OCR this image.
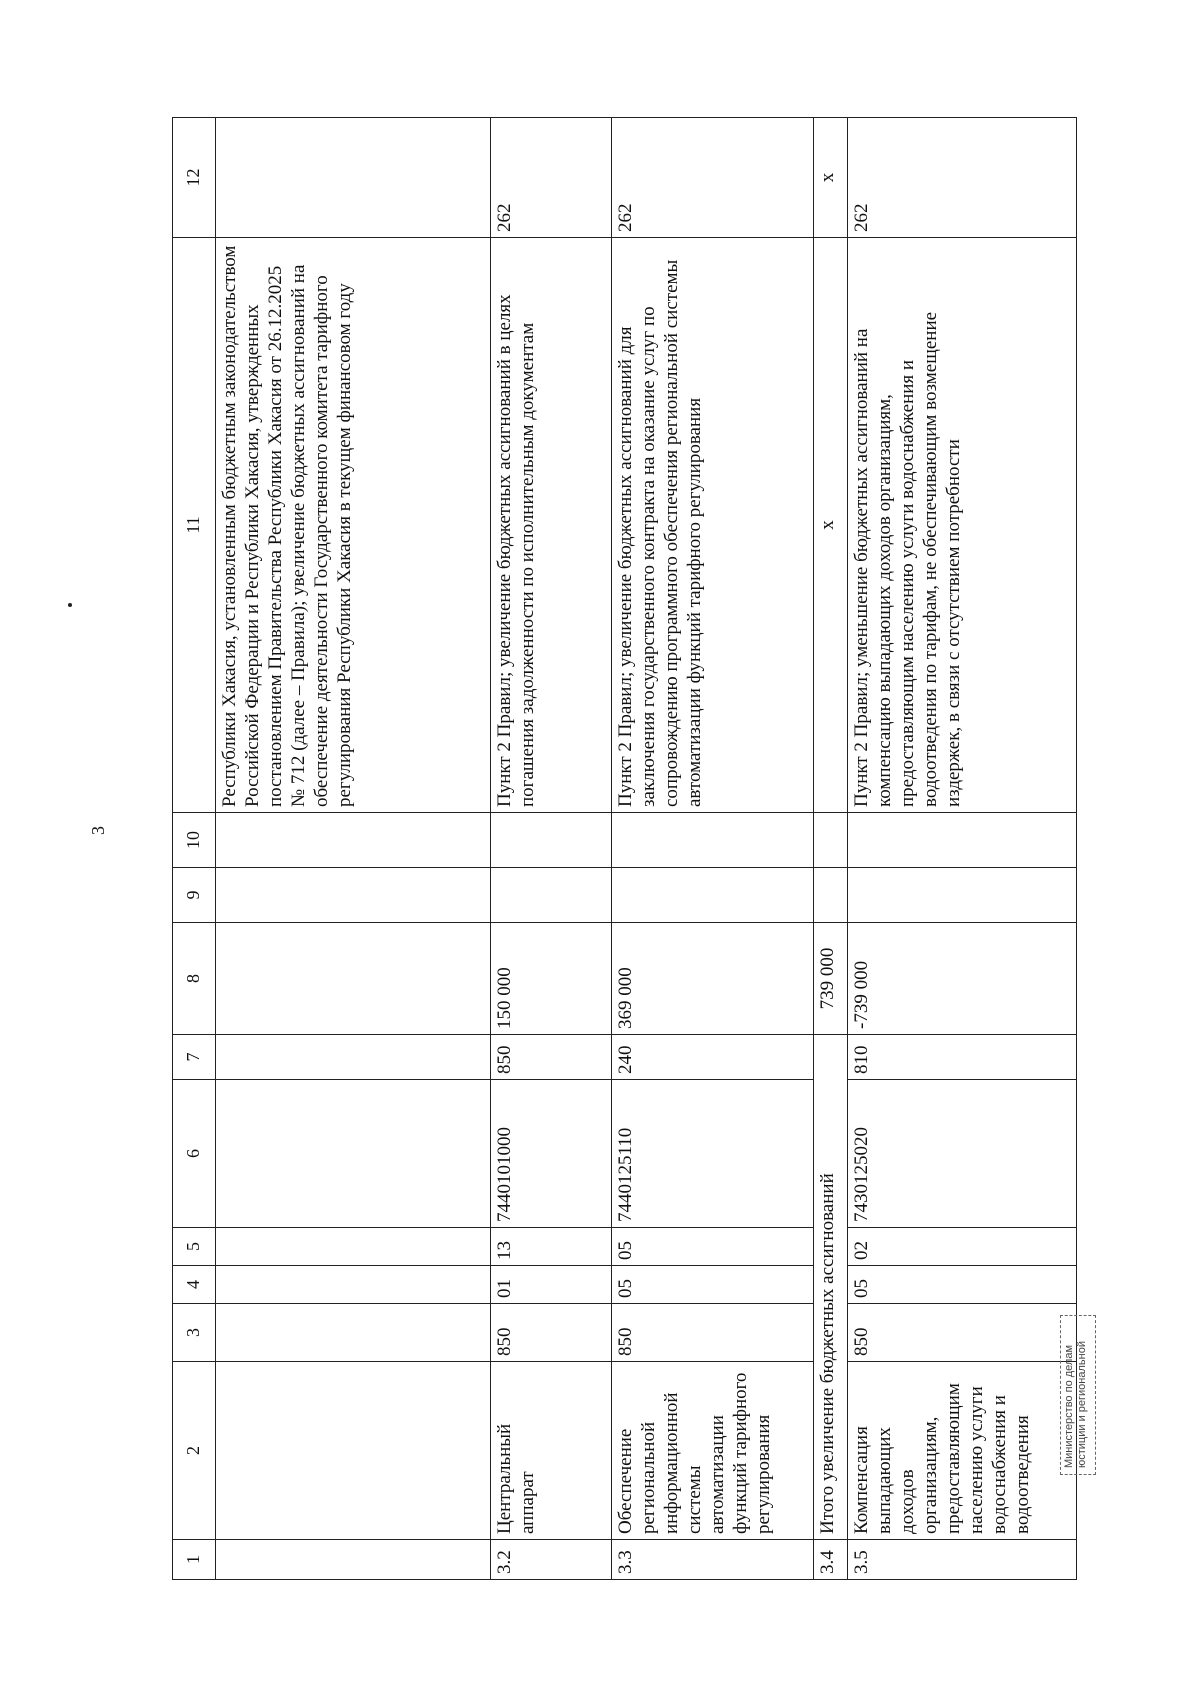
3
1	2	3	4	5	6	7	8	9	10	11	12
										Республики Хакасия, установленным бюджетным законодательством Российской Федерации и Республики Хакасия, утвержденных постановлением Правительства Республики Хакасия от 26.12.2025 № 712 (далее – Правила); увеличение бюджетных ассигнований на обеспечение деятельности Государственного комитета тарифного регулирования Республики Хакасия в текущем финансовом году	
3.2	Центральный аппарат	850	01	13	7440101000	850	150 000			Пункт 2 Правил; увеличение бюджетных ассигнований в целях погашения задолженности по исполнительным документам	262
3.3	Обеспечение региональной информационной системы автоматизации функций тарифного регулирования	850	05	05	7440125110	240	369 000			Пункт 2 Правил; увеличение бюджетных ассигнований для заключения государственного контракта на оказание услуг по сопровождению программного обеспечения региональной системы автоматизации функций тарифного регулирования	262
3.4	Итого увеличение бюджетных ассигнований						739 000			х	х
3.5	Компенсация выпадающих доходов организациям, предоставляющим населению услуги водоснабжения и водоотведения	850	05	02	7430125020	810	-739 000			Пункт 2 Правил; уменьшение бюджетных ассигнований на компенсацию выпадающих доходов организациям, предоставляющим населению услуги водоснабжения и водоотведения по тарифам, не обеспечивающим возмещение издержек, в связи с отсутствием потребности	262
Министерство по делам юстиции и региональной
